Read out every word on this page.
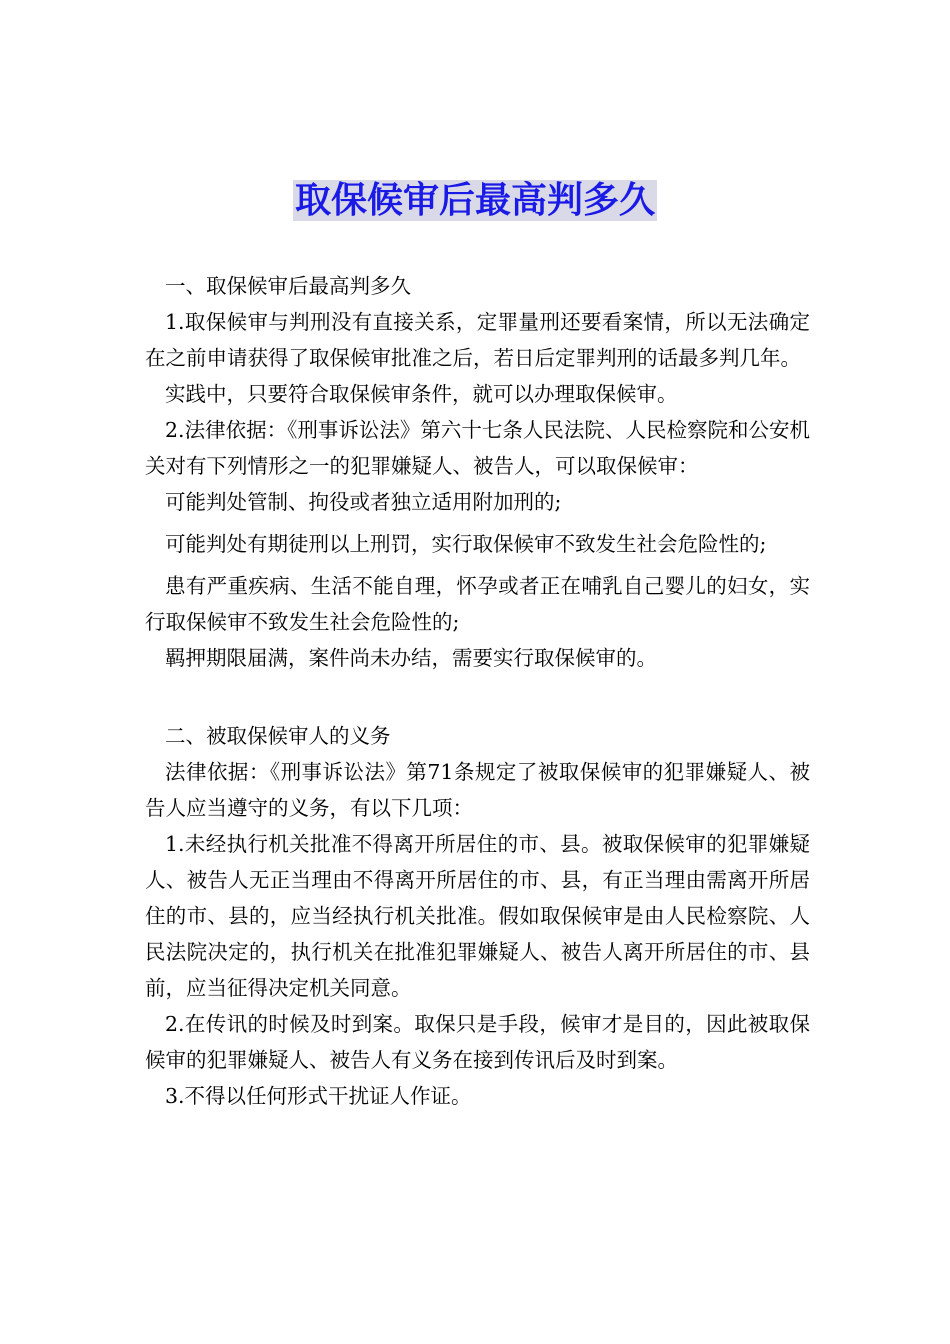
取保候审后最高判多久

一、取保候审后最高判多久

1.取保候审与判刑没有直接关系，定罪量刑还要看案情，所以无法确定在之前申请获得了取保候审批准之后，若日后定罪判刑的话最多判几年。

实践中，只要符合取保候审条件，就可以办理取保候审。

2.法律依据：《刑事诉讼法》第六十七条人民法院、人民检察院和公安机关对有下列情形之一的犯罪嫌疑人、被告人，可以取保候审：

可能判处管制、拘役或者独立适用附加刑的;

可能判处有期徒刑以上刑罚，实行取保候审不致发生社会危险性的;

患有严重疾病、生活不能自理，怀孕或者正在哺乳自己婴儿的妇女，实行取保候审不致发生社会危险性的;

羁押期限届满，案件尚未办结，需要实行取保候审的。

二、被取保候审人的义务

法律依据：《刑事诉讼法》第71条规定了被取保候审的犯罪嫌疑人、被告人应当遵守的义务，有以下几项：

1.未经执行机关批准不得离开所居住的市、县。被取保候审的犯罪嫌疑人、被告人无正当理由不得离开所居住的市、县，有正当理由需离开所居住的市、县的，应当经执行机关批准。假如取保候审是由人民检察院、人民法院决定的，执行机关在批准犯罪嫌疑人、被告人离开所居住的市、县前，应当征得决定机关同意。

2.在传讯的时候及时到案。取保只是手段，候审才是目的，因此被取保候审的犯罪嫌疑人、被告人有义务在接到传讯后及时到案。

3.不得以任何形式干扰证人作证。
